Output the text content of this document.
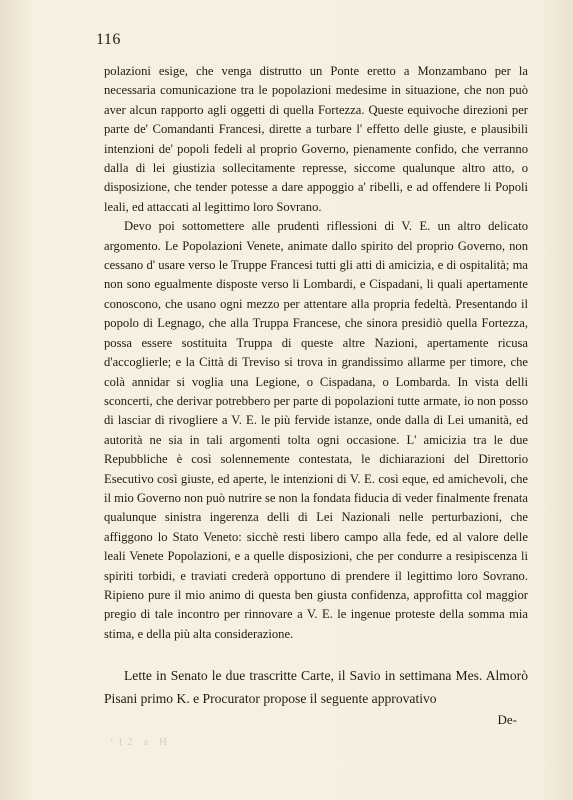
116

polazioni esige, che venga distrutto un Ponte eretto a Monzambano per la necessaria comunicazione tra le popolazioni medesime in situazione, che non può aver alcun rapporto agli oggetti di quella Fortezza. Queste equivoche direzioni per parte de' Comandanti Francesi, dirette a turbare l' effetto delle giuste, e plausibili intenzioni de' popoli fedeli al proprio Governo, pienamente confido, che verranno dalla di lei giustizia sollecitamente represse, siccome qualunque altro atto, o disposizione, che tender potesse a dare appoggio a' ribelli, e ad offendere li Popoli leali, ed attaccati al legittimo loro Sovrano.

Devo poi sottomettere alle prudenti riflessioni di V. E. un altro delicato argomento. Le Popolazioni Venete, animate dallo spirito del proprio Governo, non cessano d' usare verso le Truppe Francesi tutti gli atti di amicizia, e di ospitalità; ma non sono egualmente disposte verso li Lombardi, e Cispadani, li quali apertamente conoscono, che usano ogni mezzo per attentare alla propria fedeltà. Presentando il popolo di Legnago, che alla Truppa Francese, che sinora presidiò quella Fortezza, possa essere sostituita Truppa di queste altre Nazioni, apertamente ricusa d'accoglierle; e la Città di Treviso si trova in grandissimo allarme per timore, che colà annidar si voglia una Legione, o Cispadana, o Lombarda. In vista delli sconcerti, che derivar potrebbero per parte di popolazioni tutte armate, io non posso di lasciar di rivogliere a V. E. le più fervide istanze, onde dalla di Lei umanità, ed autorità ne sia in tali argomenti tolta ogni occasione. L' amicizia tra le due Repubbliche è così solennemente contestata, le dichiarazioni del Direttorio Esecutivo così giuste, ed aperte, le intenzioni di V. E. così eque, ed amichevoli, che il mio Governo non può nutrire se non la fondata fiducia di veder finalmente frenata qualunque sinistra ingerenza delli di Lei Nazionali nelle perturbazioni, che affiggono lo Stato Veneto: sicchè resti libero campo alla fede, ed al valore delle leali Venete Popolazioni, e a quelle disposizioni, che per condurre a resipiscenza li spiriti torbidi, e traviati crederà opportuno di prendere il legittimo loro Sovrano. Ripieno pure il mio animo di questa ben giusta confidenza, approfitta col maggior pregio di tale incontro per rinnovare a V. E. le ingenue proteste della somma mia stima, e della più alta considerazione.

Lette in Senato le due trascritte Carte, il Savio in settimana Mes. Almorò Pisani primo K. e Procurator propose il seguente approvativo

De-
ʻ12 a H
